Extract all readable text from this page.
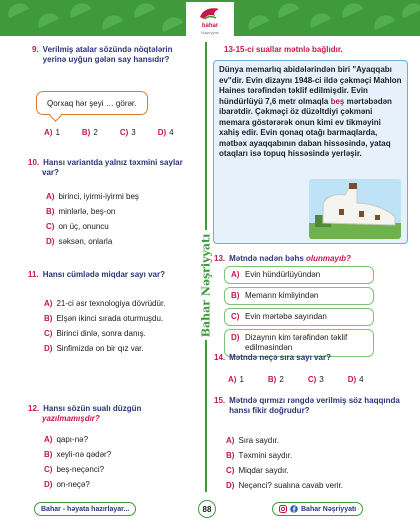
bahar
Nəşriyyatı
Bahar Nəşriyyatı
9. Verilmiş atalar sözündə nöqtələrin yerinə uyğun gələn say hansıdır?
Qorxaq hər şeyi … görər.
A) 1	B) 2	C) 3	D) 4
10. Hansı variantda yalnız təxmini saylar
var?
A) birinci, iyirmi-iyirmi beş
B) minlərlə, beş-on
C) on üç, onuncu
D) səksən, onlarla
11. Hansı cümlədə miqdar sayı var?
A) 21-ci əsr texnologiya dövrüdür.
B) Elşən ikinci sırada oturmuşdu.
C) Birinci dinlə, sonra danış.
D) Sinfimizdə on bir qız var.
12. Hansı sözün sualı düzgün
yazılmamışdır?
A) qapı-nə?
B) xeyli-nə qədər?
C) beş-neçənci?
D) on-neçə?
13-15-ci suallar mətnlə bağlıdır.
Dünya memarlıq abidələrindən biri "Ayaqqabı ev"dir. Evin dizaynı 1948-ci ildə çəkməçi Mahlon Haines tərəfindən təklif edilmişdir. Evin hündürlüyü 7,6 metr olmaqla beş mərtəbədən ibarətdir. Çəkməçi öz düzəltdiyi çəkməni memara göstərərək onun kimi ev tikməyini xahiş edir. Evin qonaq otağı barmaqlarda, mətbəx ayaqqabının daban hissəsində, yataq otaqları isə topuq hissəsində yerləşir.
13. Mətndə nədən bəhs olunmayıb?
A) Evin hündürlüyündən
B) Memarın kimliyindən
C) Evin mərtəbə sayından
D) Dizaynın kim tərəfindən təklif edilməsindən
14. Mətndə neçə sıra sayı var?
A) 1	B) 2	C) 3	D) 4
15. Mətndə qırmızı rəngdə verilmiş söz haqqında hansı fikir doğrudur?
A) Sıra saydır.
B) Təxmini saydır.
C) Miqdar saydır.
D) Neçənci? sualına cavab verir.
Bahar - həyata hazırlayar...	88	Bahar Nəşriyyatı
